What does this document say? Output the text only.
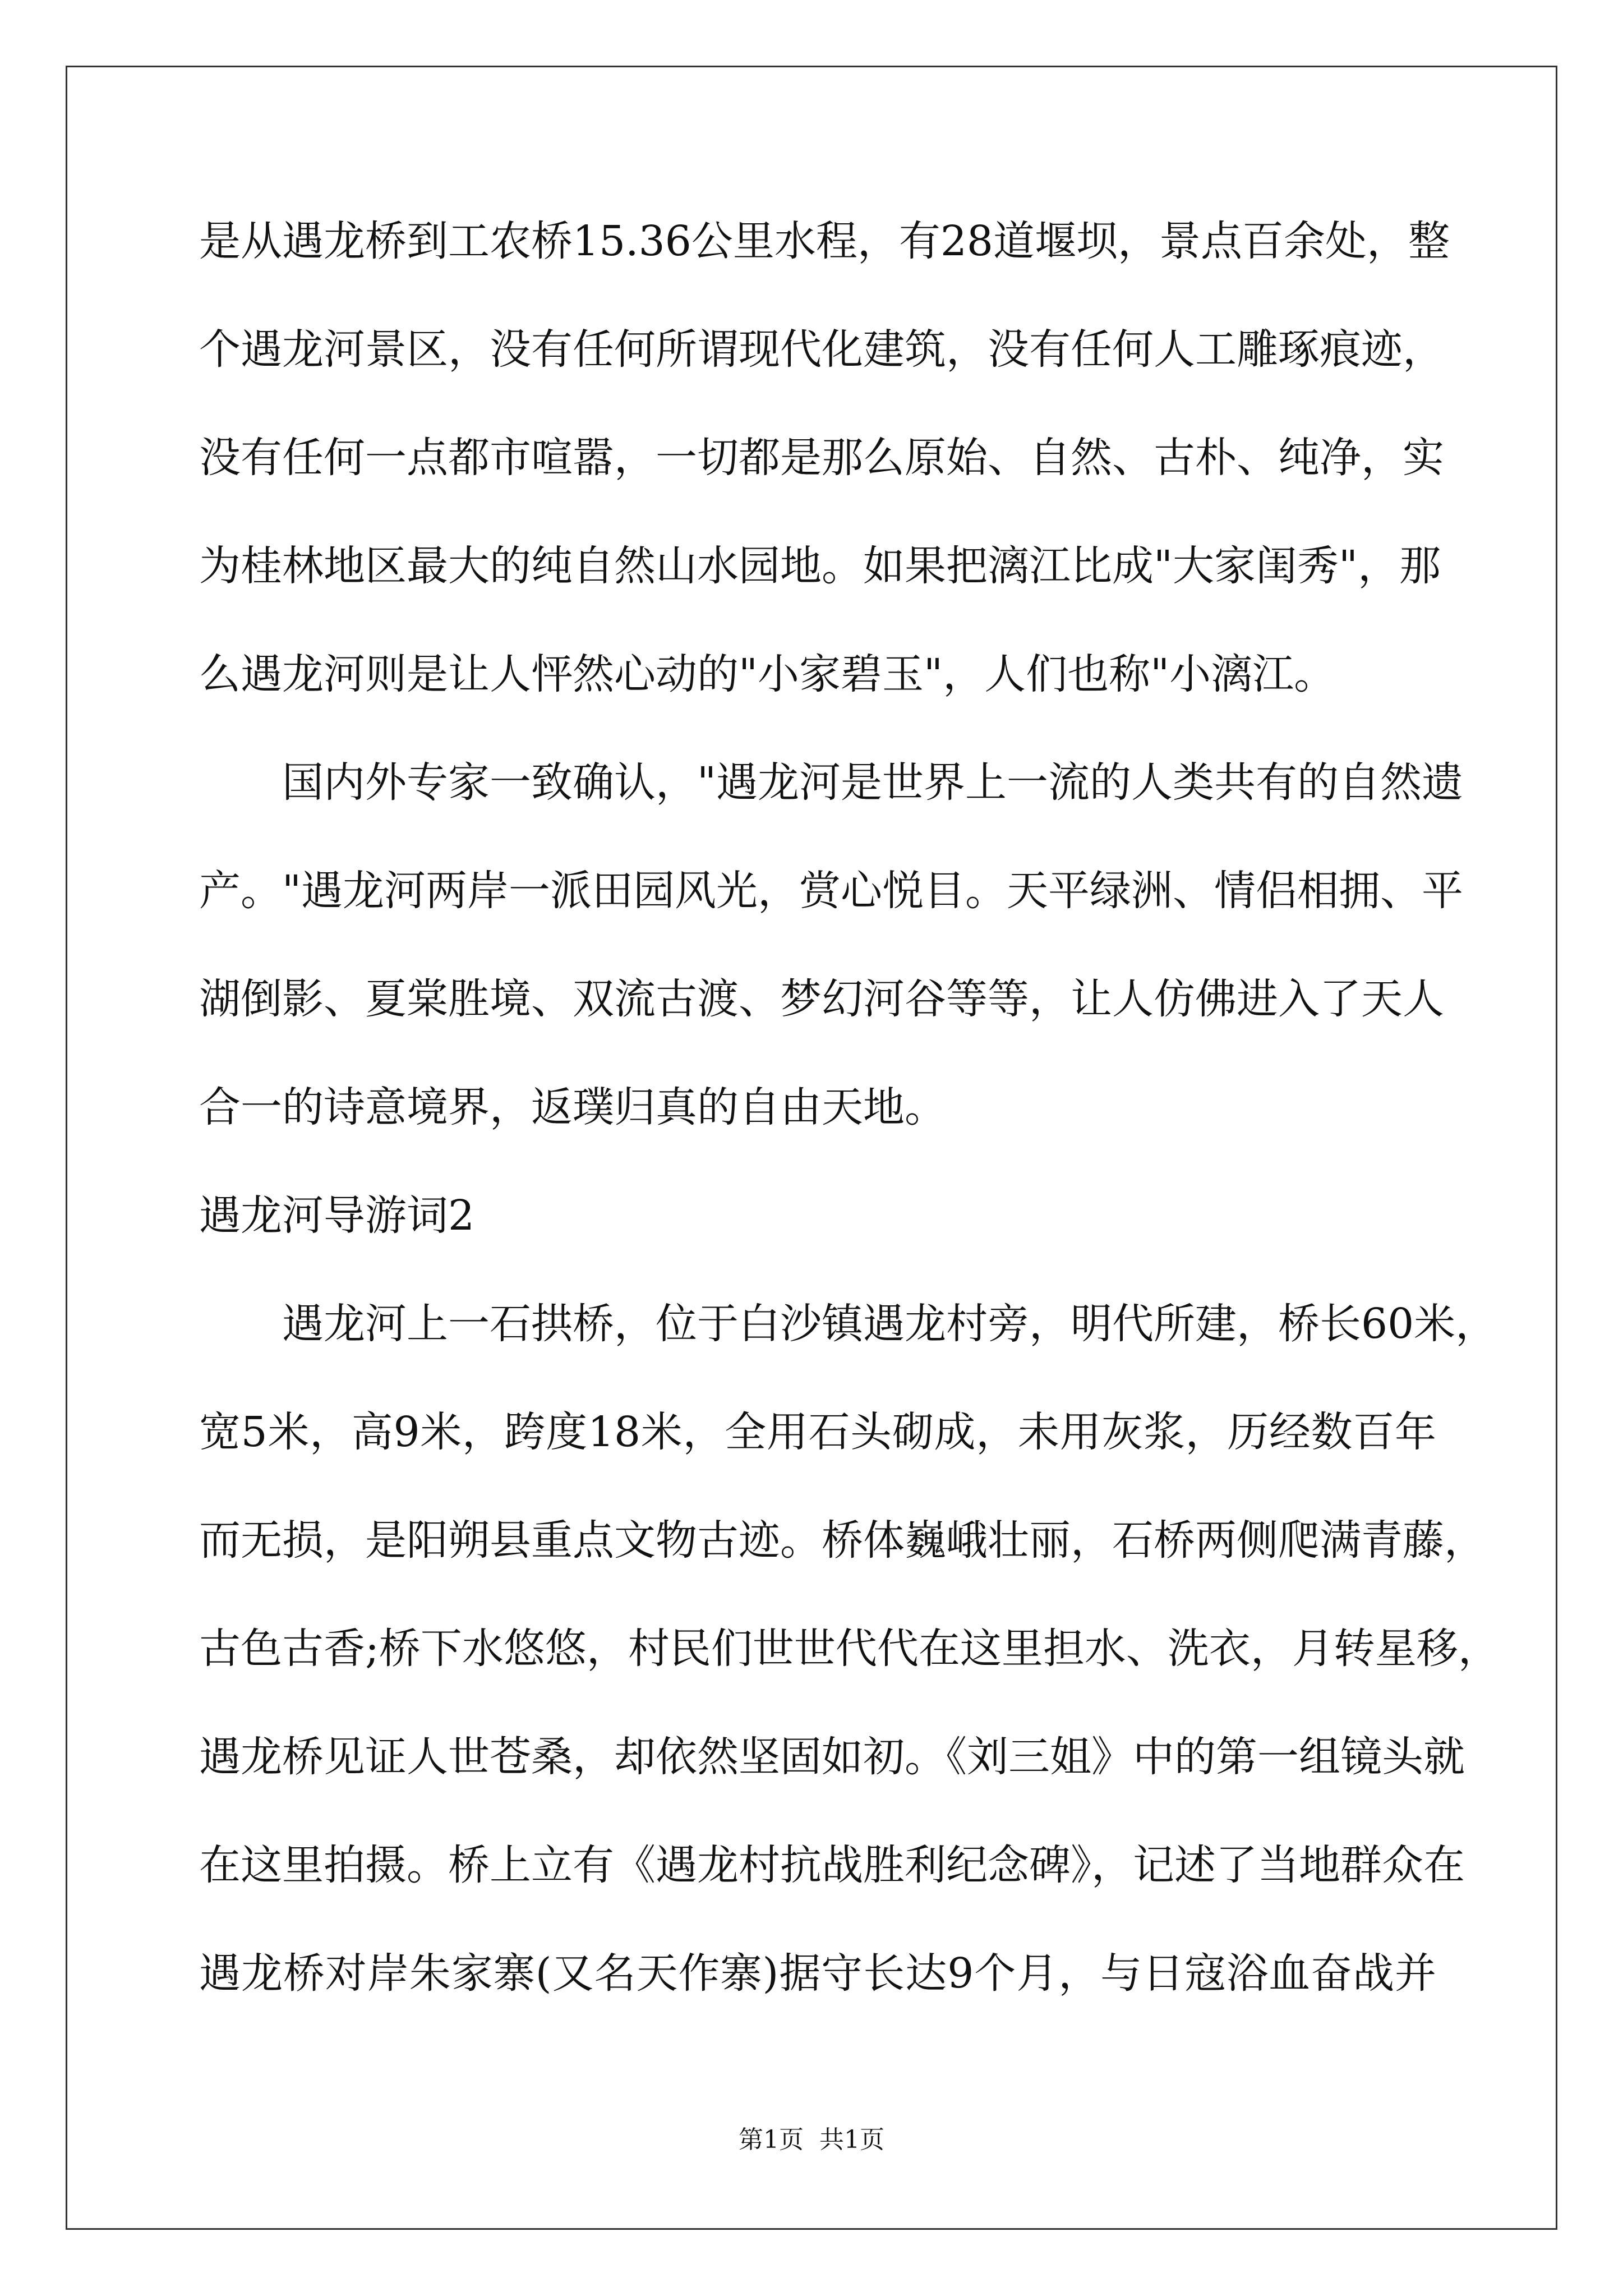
是从遇龙桥到工农桥15.36公里水程，有28道堰坝，景点百余处，整
个遇龙河景区，没有任何所谓现代化建筑，没有任何人工雕琢痕迹，
没有任何一点都市喧嚣，一切都是那么原始、自然、古朴、纯净，实
为桂林地区最大的纯自然山水园地。如果把漓江比成"大家闺秀"，那
么遇龙河则是让人怦然心动的"小家碧玉"，人们也称"小漓江。
国内外专家一致确认，"遇龙河是世界上一流的人类共有的自然遗
产。"遇龙河两岸一派田园风光，赏心悦目。天平绿洲、情侣相拥、平
湖倒影、夏棠胜境、双流古渡、梦幻河谷等等，让人仿佛进入了天人
合一的诗意境界，返璞归真的自由天地。
遇龙河导游词2
遇龙河上一石拱桥，位于白沙镇遇龙村旁，明代所建，桥长60米，
宽5米，高9米，跨度18米，全用石头砌成，未用灰浆，历经数百年
而无损，是阳朔县重点文物古迹。桥体巍峨壮丽，石桥两侧爬满青藤，
古色古香;桥下水悠悠，村民们世世代代在这里担水、洗衣，月转星移，
遇龙桥见证人世苍桑，却依然坚固如初。《刘三姐》中的第一组镜头就
在这里拍摄。桥上立有《遇龙村抗战胜利纪念碑》，记述了当地群众在
遇龙桥对岸朱家寨(又名天作寨)据守长达9个月，与日寇浴血奋战并
第1页  共1页
